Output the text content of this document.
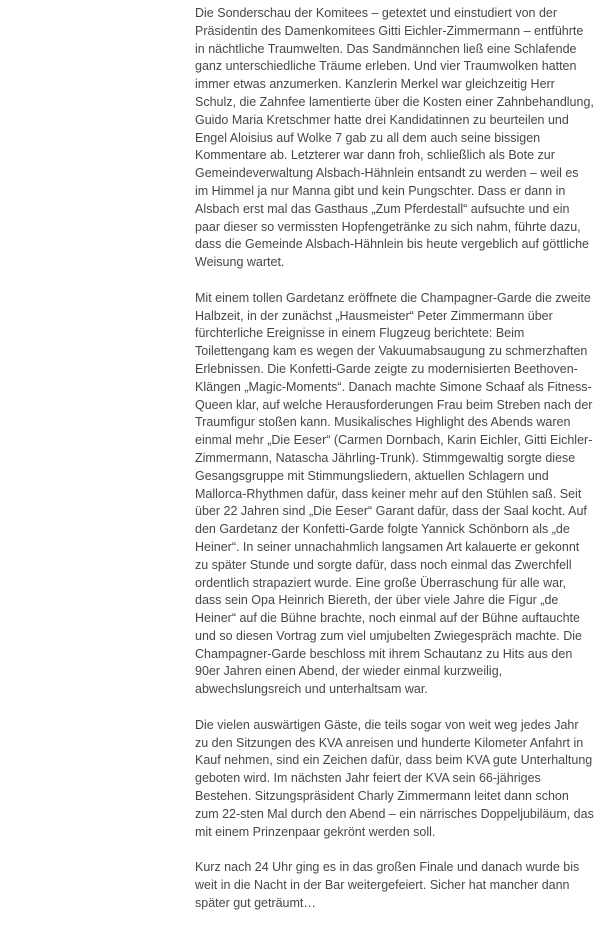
Die Sonderschau der Komitees – getextet und einstudiert von der Präsidentin des Damenkomitees Gitti Eichler-Zimmermann – entführte in nächtliche Traumwelten. Das Sandmännchen ließ eine Schlafende ganz unterschiedliche Träume erleben. Und vier Traumwolken hatten immer etwas anzumerken. Kanzlerin Merkel war gleichzeitig Herr Schulz, die Zahnfee lamentierte über die Kosten einer Zahnbehandlung, Guido Maria Kretschmer hatte drei Kandidatinnen zu beurteilen und Engel Aloisius auf Wolke 7 gab zu all dem auch seine bissigen Kommentare ab. Letzterer war dann froh, schließlich als Bote zur Gemeindeverwaltung Alsbach-Hähnlein entsandt zu werden – weil es im Himmel ja nur Manna gibt und kein Pungschter. Dass er dann in Alsbach erst mal das Gasthaus „Zum Pferdestall“ aufsuchte und ein paar dieser so vermissten Hopfengetränke zu sich nahm, führte dazu, dass die Gemeinde Alsbach-Hähnlein bis heute vergeblich auf göttliche Weisung wartet.

Mit einem tollen Gardetanz eröffnete die Champagner-Garde die zweite Halbzeit, in der zunächst „Hausmeister“ Peter Zimmermann über fürchterliche Ereignisse in einem Flugzeug berichtete: Beim Toilettengang kam es wegen der Vakuumabsaugung zu schmerzhaften Erlebnissen. Die Konfetti-Garde zeigte zu modernisierten Beethoven-Klängen „Magic-Moments“. Danach machte Simone Schaaf als Fitness-Queen klar, auf welche Herausforderungen Frau beim Streben nach der Traumfigur stoßen kann. Musikalisches Highlight des Abends waren einmal mehr „Die Eeser“ (Carmen Dornbach, Karin Eichler, Gitti Eichler-Zimmermann, Natascha Jährling-Trunk). Stimmgewaltig sorgte diese Gesangsgruppe mit Stimmungsliedern, aktuellen Schlagern und Mallorca-Rhythmen dafür, dass keiner mehr auf den Stühlen saß. Seit über 22 Jahren sind „Die Eeser“ Garant dafür, dass der Saal kocht. Auf den Gardetanz der Konfetti-Garde folgte Yannick Schönborn als „de Heiner“. In seiner unnachahmlich langsamen Art kalauerte er gekonnt zu später Stunde und sorgte dafür, dass noch einmal das Zwerchfell ordentlich strapaziert wurde. Eine große Überraschung für alle war, dass sein Opa Heinrich Biereth, der über viele Jahre die Figur „de Heiner“ auf die Bühne brachte, noch einmal auf der Bühne auftauchte und so diesen Vortrag zum viel umjubelten Zwiegespräch machte. Die Champagner-Garde beschloss mit ihrem Schautanz zu Hits aus den 90er Jahren einen Abend, der wieder einmal kurzweilig, abwechslungsreich und unterhaltsam war.

Die vielen auswärtigen Gäste, die teils sogar von weit weg jedes Jahr zu den Sitzungen des KVA anreisen und hunderte Kilometer Anfahrt in Kauf nehmen, sind ein Zeichen dafür, dass beim KVA gute Unterhaltung geboten wird. Im nächsten Jahr feiert der KVA sein 66-jähriges Bestehen. Sitzungspräsident Charly Zimmermann leitet dann schon zum 22-sten Mal durch den Abend – ein närrisches Doppeljubiläum, das mit einem Prinzenpaar gekrönt werden soll.

Kurz nach 24 Uhr ging es in das großen Finale und danach wurde bis weit in die Nacht in der Bar weitergefeiert. Sicher hat mancher dann später gut geträumt…
